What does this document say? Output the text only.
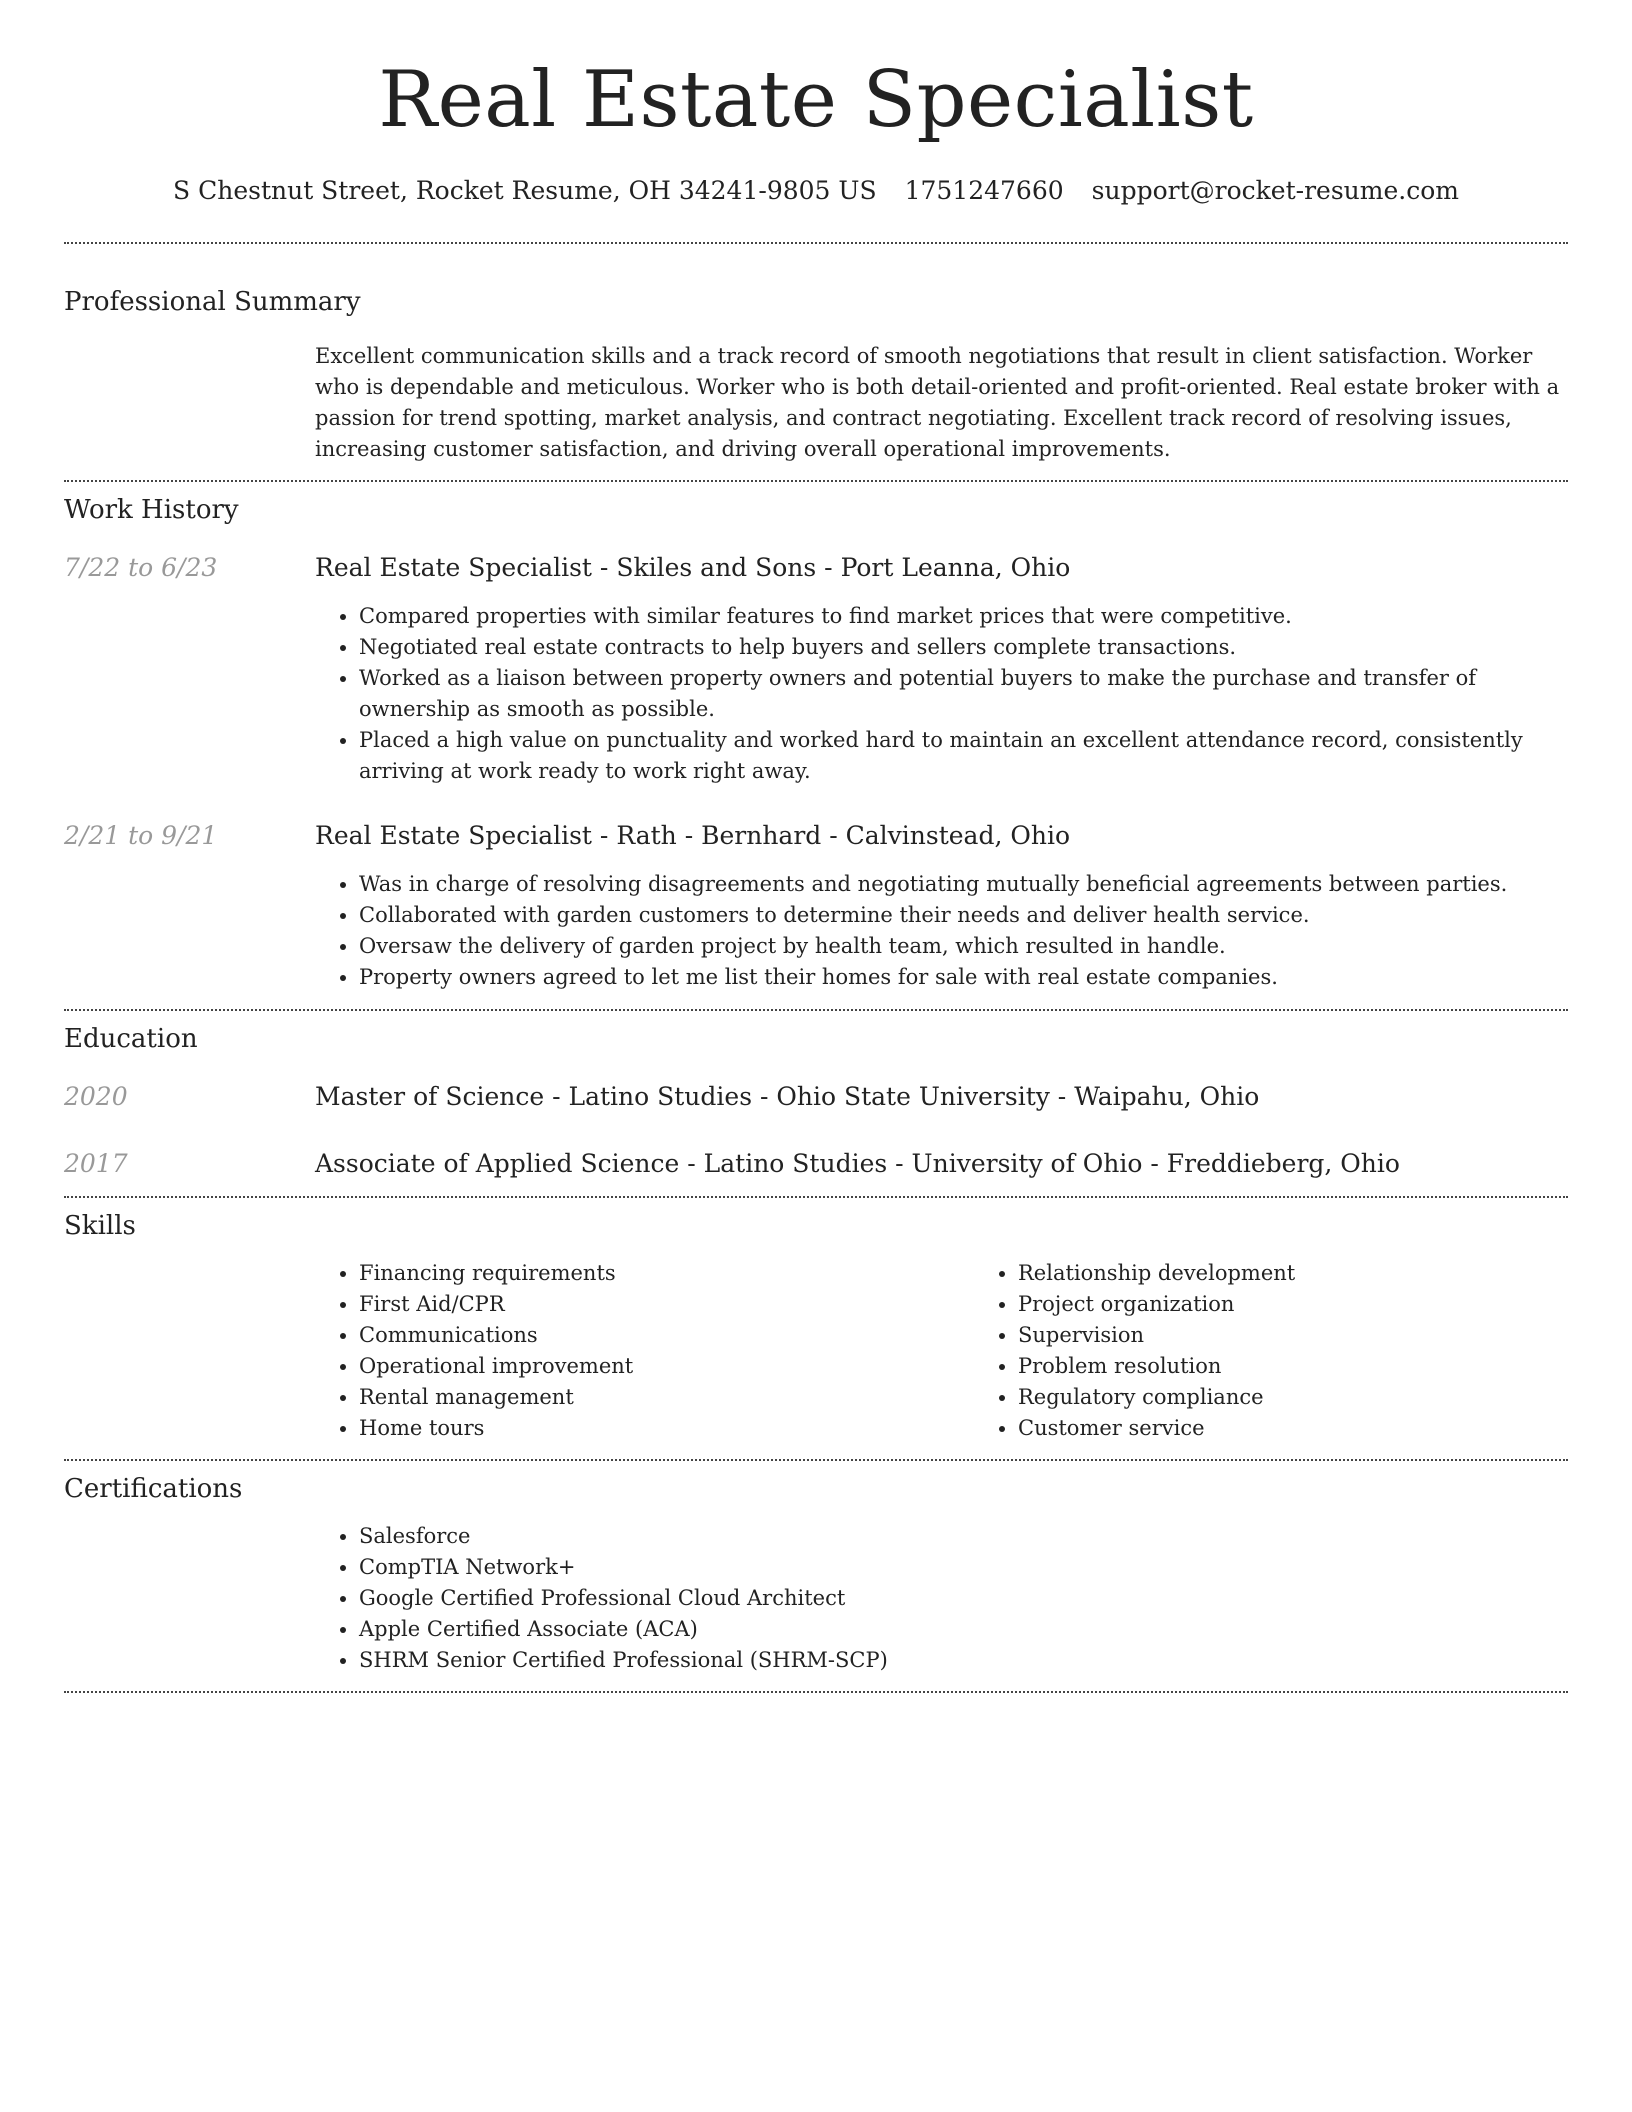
Real Estate Specialist
S Chestnut Street, Rocket Resume, OH 34241-9805 US 1751247660 support@rocket-resume.com
Professional Summary

Excellent communication skills and a track record of smooth negotiations that result in client satisfaction. Worker who is dependable and meticulous. Worker who is both detail-oriented and profit-oriented. Real estate broker with a passion for trend spotting, market analysis, and contract negotiating. Excellent track record of resolving issues, increasing customer satisfaction, and driving overall operational improvements.

Work History
7/22 to 6/23	Real Estate Specialist - Skiles and Sons - Port Leanna, Ohio
• Compared properties with similar features to find market prices that were competitive.
• Negotiated real estate contracts to help buyers and sellers complete transactions.
• Worked as a liaison between property owners and potential buyers to make the purchase and transfer of ownership as smooth as possible.
• Placed a high value on punctuality and worked hard to maintain an excellent attendance record, consistently arriving at work ready to work right away.
2/21 to 9/21	Real Estate Specialist - Rath - Bernhard - Calvinstead, Ohio
• Was in charge of resolving disagreements and negotiating mutually beneficial agreements between parties.
• Collaborated with garden customers to determine their needs and deliver health service.
• Oversaw the delivery of garden project by health team, which resulted in handle.
• Property owners agreed to let me list their homes for sale with real estate companies.
Education
2020	Master of Science - Latino Studies - Ohio State University - Waipahu, Ohio
2017	Associate of Applied Science - Latino Studies - University of Ohio - Freddieberg, Ohio
Skills
• Financing requirements
• First Aid/CPR
• Communications
• Operational improvement
• Rental management
• Home tours
• Relationship development
• Project organization
• Supervision
• Problem resolution
• Regulatory compliance
• Customer service
Certifications
• Salesforce
• CompTIA Network+
• Google Certified Professional Cloud Architect
• Apple Certified Associate (ACA)
• SHRM Senior Certified Professional (SHRM-SCP)
